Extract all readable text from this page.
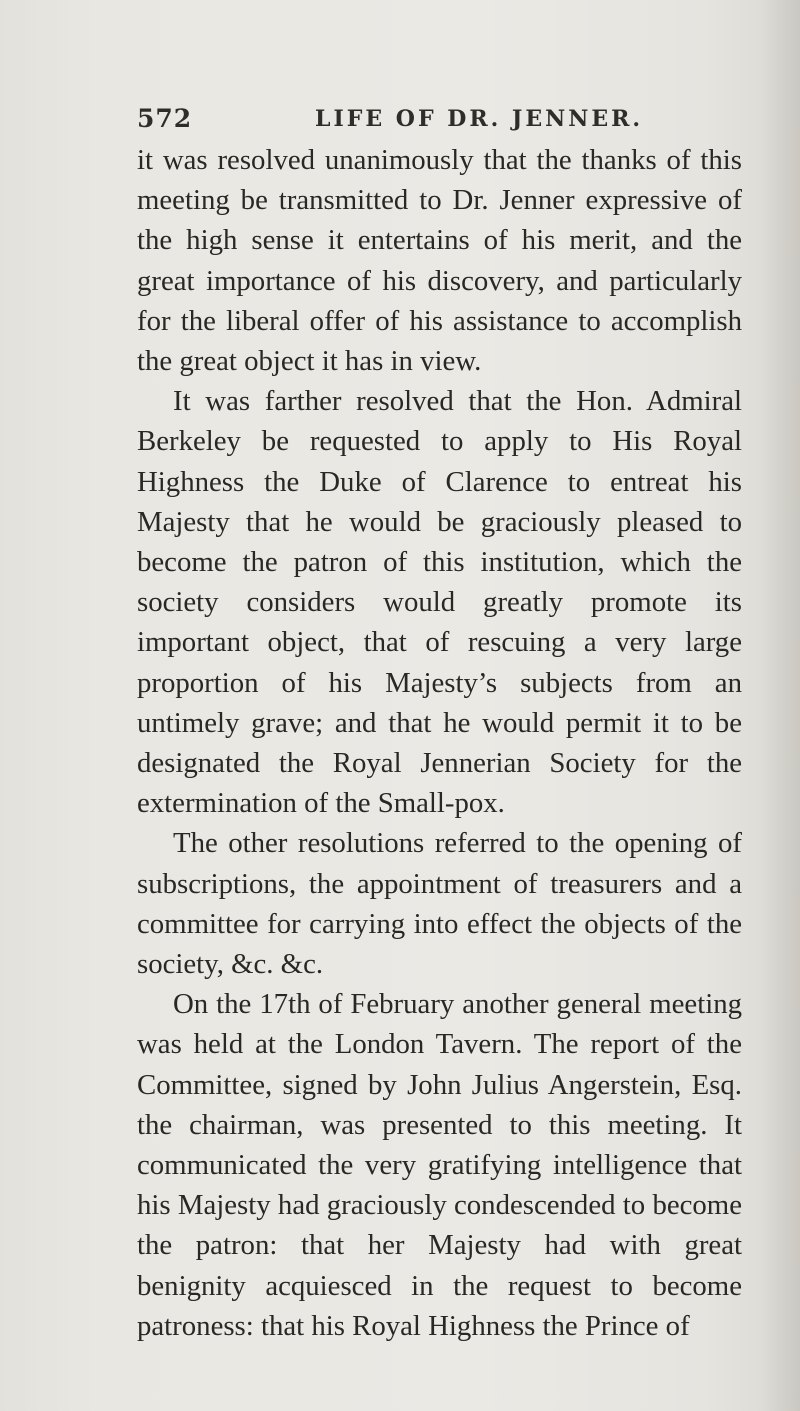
572	LIFE OF DR. JENNER.

it was resolved unanimously that the thanks of this meeting be transmitted to Dr. Jenner expressive of the high sense it entertains of his merit, and the great importance of his discovery, and particularly for the liberal offer of his assistance to accomplish the great object it has in view.

It was farther resolved that the Hon. Admiral Berkeley be requested to apply to His Royal Highness the Duke of Clarence to entreat his Majesty that he would be graciously pleased to become the patron of this institution, which the society considers would greatly promote its important object, that of rescuing a very large proportion of his Majesty’s subjects from an untimely grave; and that he would permit it to be designated the Royal Jennerian Society for the extermination of the Small-pox.

The other resolutions referred to the opening of subscriptions, the appointment of treasurers and a committee for carrying into effect the objects of the society, &c. &c.

On the 17th of February another general meeting was held at the London Tavern. The report of the Committee, signed by John Julius Angerstein, Esq. the chairman, was presented to this meeting. It communicated the very gratifying intelligence that his Majesty had graciously condescended to become the patron: that her Majesty had with great benignity acquiesced in the request to become patroness: that his Royal Highness the Prince of
